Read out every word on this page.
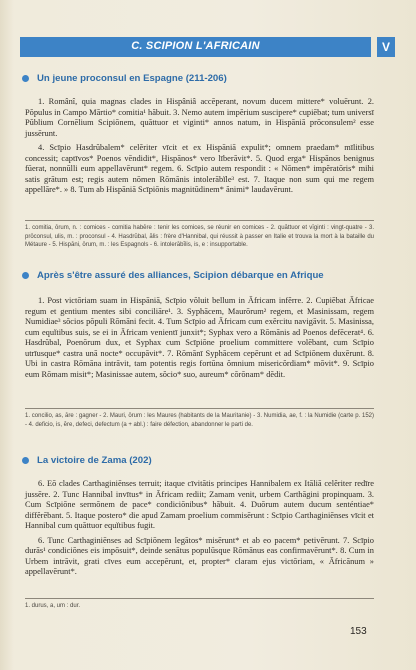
C. SCIPION L'AFRICAIN	V
Un jeune proconsul en Espagne (211-206)

1. Românî, quia magnas clades in Hispâniâ accēperant, novum ducem mittere* voluērunt. 2. Pŏpulus in Campo Mārtio* comitia¹ hăbuit. 3. Nemo autem impĕrium suscipere* cupiēbat; tum universī Pŭblium Cornēlium Scipiōnem, quăttuor et viginti* annos natum, in Hispāniā prōconsulem² esse jussērunt.

4. Scīpio Hasdrŭbalem* celĕriter vīcit et ex Hispāniā expulit*; omnem praedam* mīlitibus concessit; captīvos* Poenos vēndidit*, Hispānos* vero līberāvit*. 5. Quod erga* Hispānos benignus fūerat, nonnūlli eum appellavērunt* regem. 6. Scīpio autem respondit : « Nōmen* impĕratōris* mihi satis grātum est; regis autem nōmen Rōmānis intolerābĭle³ est. 7. Itaque non sum qui me regem appellāre*. » 8. Tum ab Hispāniā Scīpiōnis magnitūdinem* ănimi* laudavērunt.

1. comitia, ōrum, n. : comices - comitia habēre : tenir les comices, se réunir en comices - 2. quăttuor et vīginti : vingt-quatre - 3. prōconsul, ulis, m. : proconsul - 4. Hasdrŭbal, ălis : frère d'Hannibal, qui réussit à passer en Italie et trouva la mort à la bataille du Métaure - 5. Hispāni, ōrum, m. : les Espagnols - 6. intolerābĭlis, is, e : insupportable.
Après s'être assuré des alliances, Scipion débarque en Afrique

1. Post victōriam suam in Hispāniā, Scīpio vŏluit bellum in Āfricam infĕrre. 2. Cupiēbat Āfricae regum et gentium mentes sibi conciliāre¹. 3. Syphācem, Maurōrum² regem, et Masinissam, regem Numidiae³ sŏcios pŏpuli Rōmāni fecit. 4. Tum Scīpio ad Āfricam cum exĕrcitu navigāvit. 5. Masinissa, cum equĭtibus suis, se ei in Āfricam venientī junxit*; Syphax vero a Rōmānis ad Poenos defēcerat⁴. 6. Hasdrŭbal, Poenōrum dux, et Syphax cum Scīpiōne proelium committere volēbant, cum Scīpio utrīusque* castra unā nocte* occupāvit*. 7. Rōmānī Syphācem cepērunt et ad Scīpiōnem duxērunt. 8. Ubi in castra Rōmāna intrāvit, tam potentis regis fortūna ŏmnium misericŏrdiam* mōvit*. 9. Scīpio eum Rōmam misit*; Masinissae autem, sŏcio* suo, aureum* cŏrōnam* dĕdit.

1. concilio, as, āre : gagner - 2. Mauri, ōrum : les Maures (habitants de la Mauritanie) - 3. Numidia, ae, f. : la Numidie (carte p. 152) - 4. deficio, is, ĕre, defeci, defectum (a + abl.) : faire défection, abandonner le parti de.
La victoire de Zama (202)

6. Eō clades Carthaginiēnses terruit; itaque cīvitātis principes Hannibalem ex Itāliā celĕriter redīre jussēre. 2. Tunc Hannibal invītus* in Āfricam rediit; Zamam venit, urbem Carthāgini propinquam. 3. Cum Scīpiōne sermōnem de pace* condiciōnibus* hăbuit. 4. Duōrum autem ducum senténtiae* diffĕrēbant. 5. Itaque postero* die apud Zamam proelium commisērunt : Scīpio Carthaginiēnses vīcit et Hannibal cum quăttuor equĭtibus fugit.

6. Tunc Carthaginiēnses ad Scīpiōnem legātos* misērunt* et ab eo pacem* petivērunt. 7. Scīpio durās¹ condiciōnes eis impōsuit*, deinde senātus populūsque Rōmānus eas confirmavērunt*. 8. Cum in Urbem intrāvit, grati cīves eum accepērunt, et, propter* claram ejus victōriam, « Āfricānum » appellavērunt*.

1. durus, a, um : dur.
153
